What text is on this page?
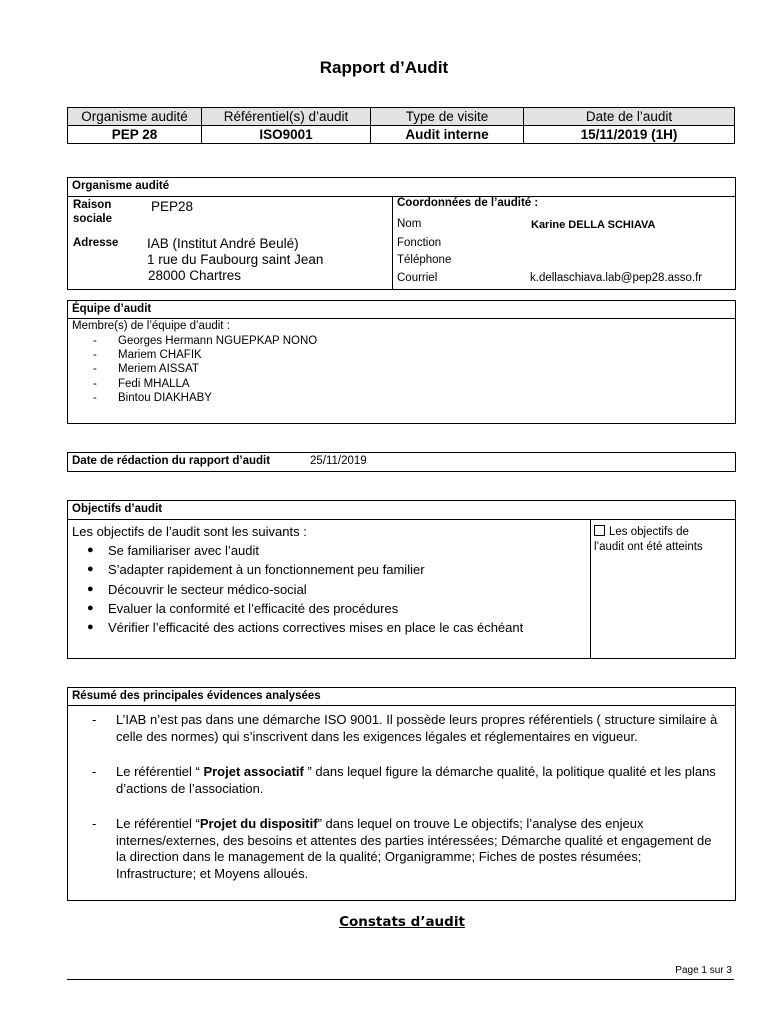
Rapport d’Audit
Organisme audité	Référentiel(s) d’audit	Type de visite	Date de l’audit
PEP 28	ISO9001	Audit interne	15/11/2019 (1H)
Organisme audité
Raison
sociale
PEP28
Adresse IAB (Institut André Beulé)
1 rue du Faubourg saint Jean
28000 Chartres
Coordonnées de l’audité :
Nom	Karine DELLA SCHIAVA
Fonction
Téléphone
Courriel	k.dellaschiava.lab@pep28.asso.fr
Équipe d’audit
Membre(s) de l’équipe d’audit :
- Georges Hermann NGUEPKAP NONO
- Mariem CHAFIK
- Meriem AISSAT
- Fedi MHALLA
- Bintou DIAKHABY
Date de rédaction du rapport d’audit	25/11/2019
Objectifs d’audit
Les objectifs de l’audit sont les suivants :
● Se familiariser avec l’audit
● S’adapter rapidement à un fonctionnement peu familier
● Découvrir le secteur médico-social
● Evaluer la conformité et l’efficacité des procédures
● Vérifier l’efficacité des actions correctives mises en place le cas échéant
Les objectifs de
l’audit ont été atteints
Résumé des principales évidences analysées
- L’IAB n’est pas dans une démarche ISO 9001. Il possède leurs propres référentiels ( structure similaire à celle des normes) qui s’inscrivent dans les exigences légales et réglementaires en vigueur.
- Le référentiel “ Projet associatif ” dans lequel figure la démarche qualité, la politique qualité et les plans d’actions de l’association.
- Le référentiel “Projet du dispositif” dans lequel on trouve Le objectifs; l’analyse des enjeux internes/externes, des besoins et attentes des parties intéressées; Démarche qualité et engagement de la direction dans le management de la qualité; Organigramme; Fiches de postes résumées; Infrastructure; et Moyens alloués.
Constats d’audit
Page 1 sur 3
